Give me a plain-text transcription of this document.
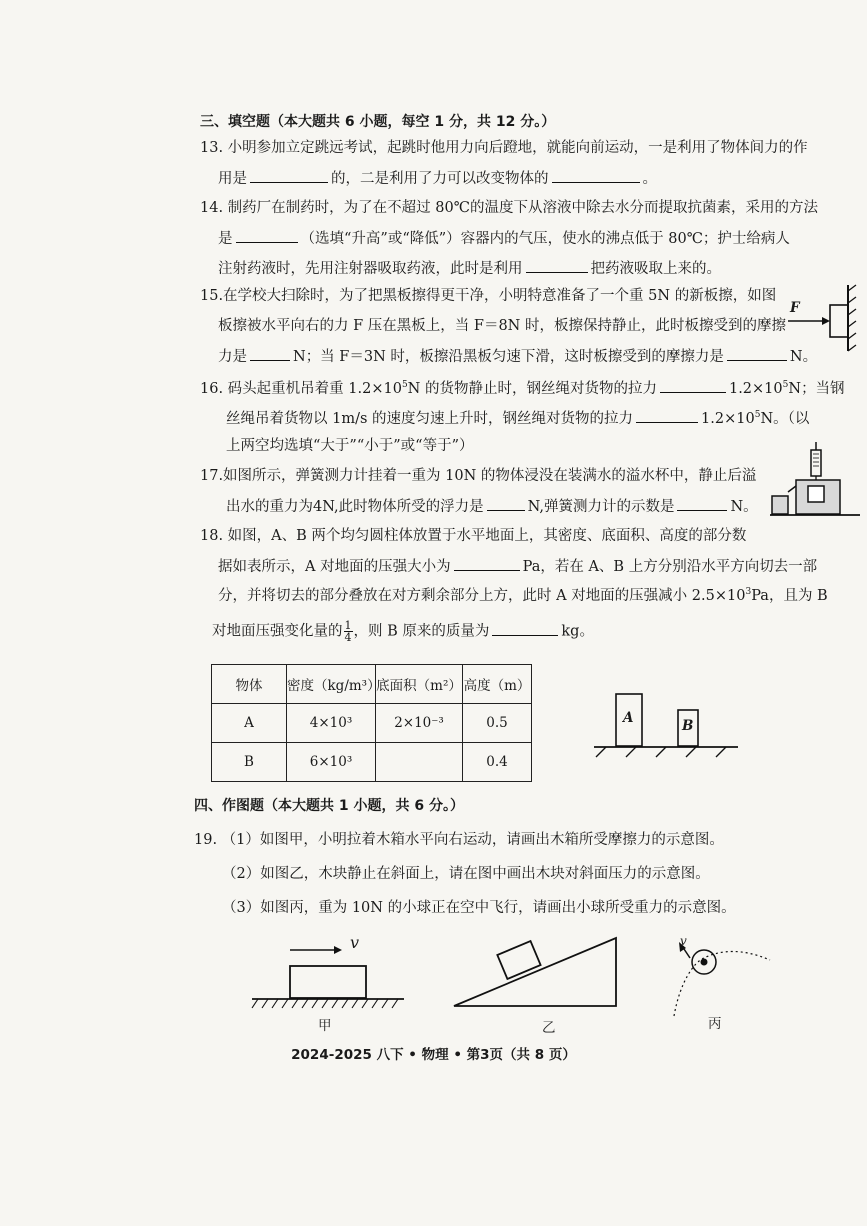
三、填空题（本大题共 6 小题，每空 1 分，共 12 分。）
13. 小明参加立定跳远考试，起跳时他用力向后蹬地，就能向前运动，一是利用了物体间力的作
用是	的，二是利用了力可以改变物体的	。
14. 制药厂在制药时，为了在不超过 80℃的温度下从溶液中除去水分而提取抗菌素，采用的方法
是	（选填“升高”或“降低”）容器内的气压，使水的沸点低于 80℃；护士给病人
注射药液时，先用注射器吸取药液，此时是利用	把药液吸取上来的。
15.在学校大扫除时，为了把黑板擦得更干净，小明特意准备了一个重 5N 的新板擦，如图
板擦被水平向右的力 F 压在黑板上，当 F＝8N 时，板擦保持静止，此时板擦受到的摩擦
力是	N；当 F＝3N 时，板擦沿黑板匀速下滑，这时板擦受到的摩擦力是	N。
F
16. 码头起重机吊着重 $1.2\times 10^5N$ 的货物静止时，钢丝绳对货物的拉力	$1.2\times 10^5N$；当钢
丝绳吊着货物以 1m/s 的速度匀速上升时，钢丝绳对货物的拉力	$1.2\times 10^5N$。（以
上两空均选填“大于”“小于”或“等于”）
17.如图所示，弹簧测力计挂着一重为 10N 的物体浸没在装满水的溢水杯中，静止后溢
出水的重力为4N,此时物体所受的浮力是	N,弹簧测力计的示数是	N。
18. 如图，A、B 两个均匀圆柱体放置于水平地面上，其密度、底面积、高度的部分数
据如表所示，A 对地面的压强大小为	Pa，若在 A、B 上方分别沿水平方向切去一部
分，并将切去的部分叠放在对方剩余部分上方，此时 A 对地面的压强减小 $2.5\times 10^3Pa$，且为 B
对地面压强变化量的 $\frac{1}{4}$ ，则 B 原来的质量为	kg。
物体	密度（kg/m³）	底面积（m²）	高度（m）
A	4×10³	2×10⁻³	0.5
B	6×10³		0.4
A	B
四、作图题（本大题共 1 小题，共 6 分。）
19. （1）如图甲，小明拉着木箱水平向右运动，请画出木箱所受摩擦力的示意图。
（2）如图乙，木块静止在斜面上，请在图中画出木块对斜面压力的示意图。
（3）如图丙，重为 10N 的小球正在空中飞行，请画出小球所受重力的示意图。
v
甲	乙
v
丙
2024-2025 八下 • 物理 • 第3页（共 8 页）
